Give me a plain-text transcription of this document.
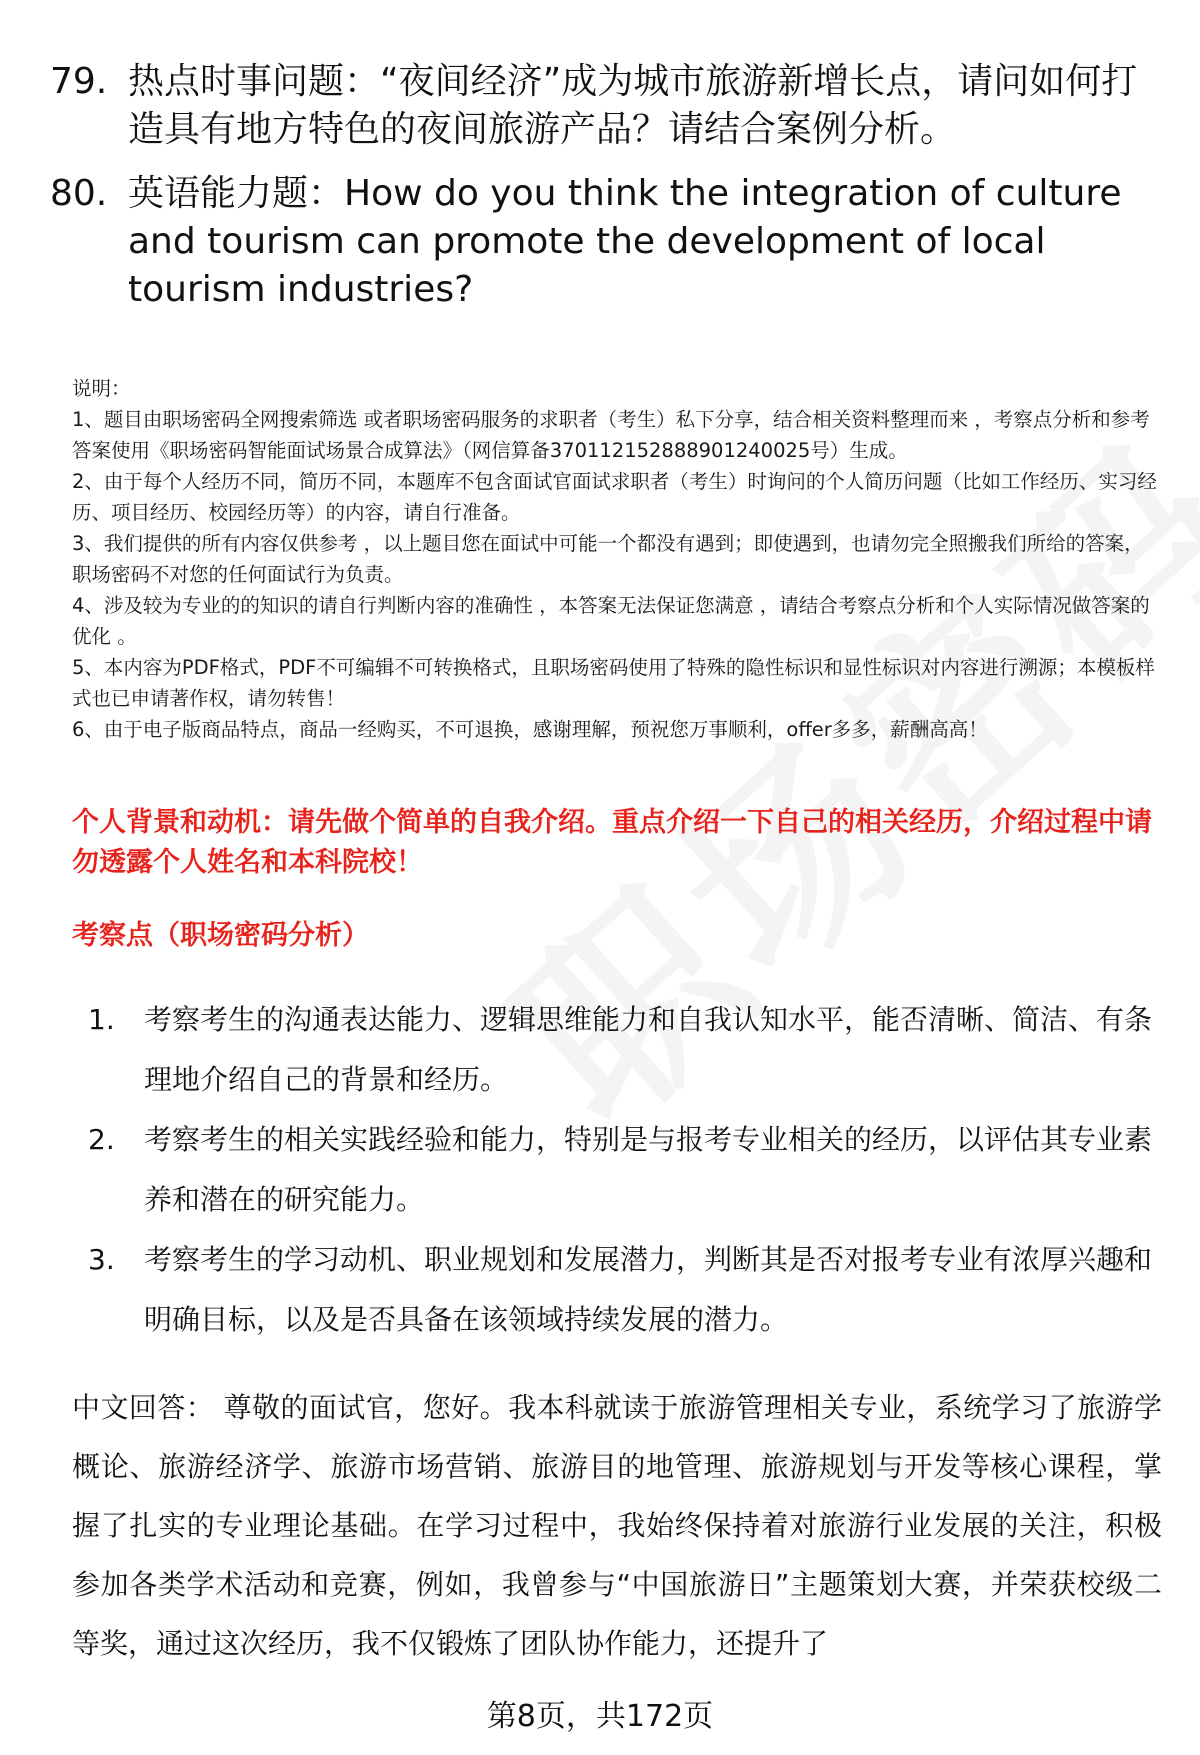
79. 热点时事问题：“夜间经济”成为城市旅游新增长点，请问如何打造具有地方特色的夜间旅游产品？请结合案例分析。
80. 英语能力题：How do you think the integration of culture and tourism can promote the development of local tourism industries?

说明：

1、题目由职场密码全网搜索筛选 或者职场密码服务的求职者（考生）私下分享，结合相关资料整理而来 ，考察点分析和参考答案使用《职场密码智能面试场景合成算法》（网信算备370112152888901240025号）生成。

2、由于每个人经历不同，简历不同，本题库不包含面试官面试求职者（考生）时询问的个人简历问题（比如工作经历、实习经历、项目经历、校园经历等）的内容，请自行准备。

3、我们提供的所有内容仅供参考 ，以上题目您在面试中可能一个都没有遇到；即使遇到，也请勿完全照搬我们所给的答案，职场密码不对您的任何面试行为负责。

4、涉及较为专业的的知识的请自行判断内容的准确性 ，本答案无法保证您满意 ，请结合考察点分析和个人实际情况做答案的优化 。

5、本内容为PDF格式，PDF不可编辑不可转换格式，且职场密码使用了特殊的隐性标识和显性标识对内容进行溯源；本模板样式也已申请著作权，请勿转售！

6、由于电子版商品特点，商品一经购买，不可退换，感谢理解，预祝您万事顺利，offer多多，薪酬高高！

个人背景和动机：请先做个简单的自我介绍。重点介绍一下自己的相关经历，介绍过程中请勿透露个人姓名和本科院校！
考察点（职场密码分析）
1.	考察考生的沟通表达能力、逻辑思维能力和自我认知水平，能否清晰、简洁、有条理地介绍自己的背景和经历。
2.	考察考生的相关实践经验和能力，特别是与报考专业相关的经历，以评估其专业素养和潜在的研究能力。
3.	考察考生的学习动机、职业规划和发展潜力，判断其是否对报考专业有浓厚兴趣和明确目标，以及是否具备在该领域持续发展的潜力。
中文回答： 尊敬的面试官，您好。我本科就读于旅游管理相关专业，系统学习了旅游学概论、旅游经济学、旅游市场营销、旅游目的地管理、旅游规划与开发等核心课程，掌握了扎实的专业理论基础。在学习过程中，我始终保持着对旅游行业发展的关注，积极参加各类学术活动和竞赛，例如，我曾参与“中国旅游日”主题策划大赛，并荣获校级二等奖，通过这次经历，我不仅锻炼了团队协作能力，还提升了
第8页，共172页
